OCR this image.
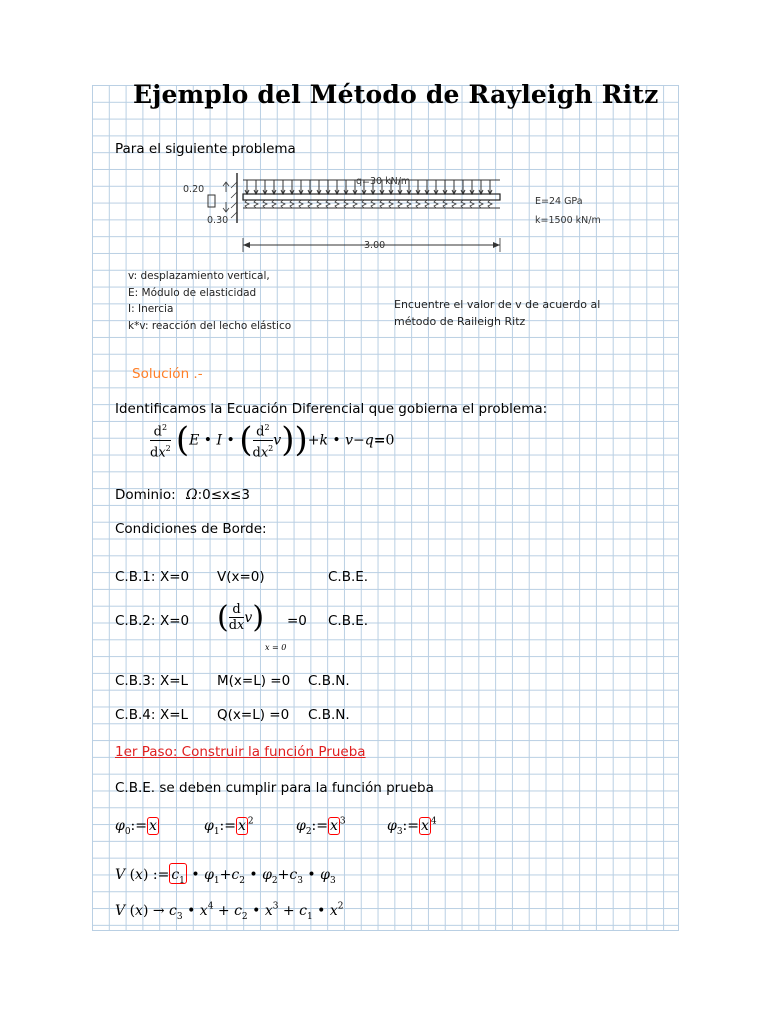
Ejemplo del Método de Rayleigh Ritz
Para el siguiente problema
0.20
0.30
q=30 kN/m
E=24 GPa
k=1500 kN/m
3.00
v: desplazamiento vertical,
E: Módulo de elasticidad
I: Inercia
k*v: reacción del lecho elástico
Encuentre el valor de v de acuerdo al
método de Raileigh Ritz
Solución .-
Identificamos la Ecuación Diferencial que gobierna el problema:
$\frac{d^2}{dx^2} (E$ • I • ( $\frac{d^2}{dx^2} v))+k$ • v−q=0
Dominio: Ω:0≤x≤3
Condiciones de Borde:
C.B.1: X=0 V(x=0)	C.B.E.
C.B.2: X=0 ( $\frac{d}{dx} v$)
x = 0
=0 C.B.E.
C.B.3: X=L M(x=L) =0 C.B.N.
C.B.4: X=L Q(x=L) =0 C.B.N.
1er Paso: Construir la función Prueba
C.B.E. se deben cumplir para la función prueba
$\varphi_0:= x$	$\varphi_1:= x$ $^2$	$\varphi_2:= x$ $^3$	$\varphi_3:= x$ $^4$
V (x) := $c_1$ • $\varphi_1+c_2$ • $\varphi_2+c_3$ • $\varphi_3$
V $(x) \to c_3$ • $x^4 + c_2$ • $x^3 + c_1$ • $x^2$
